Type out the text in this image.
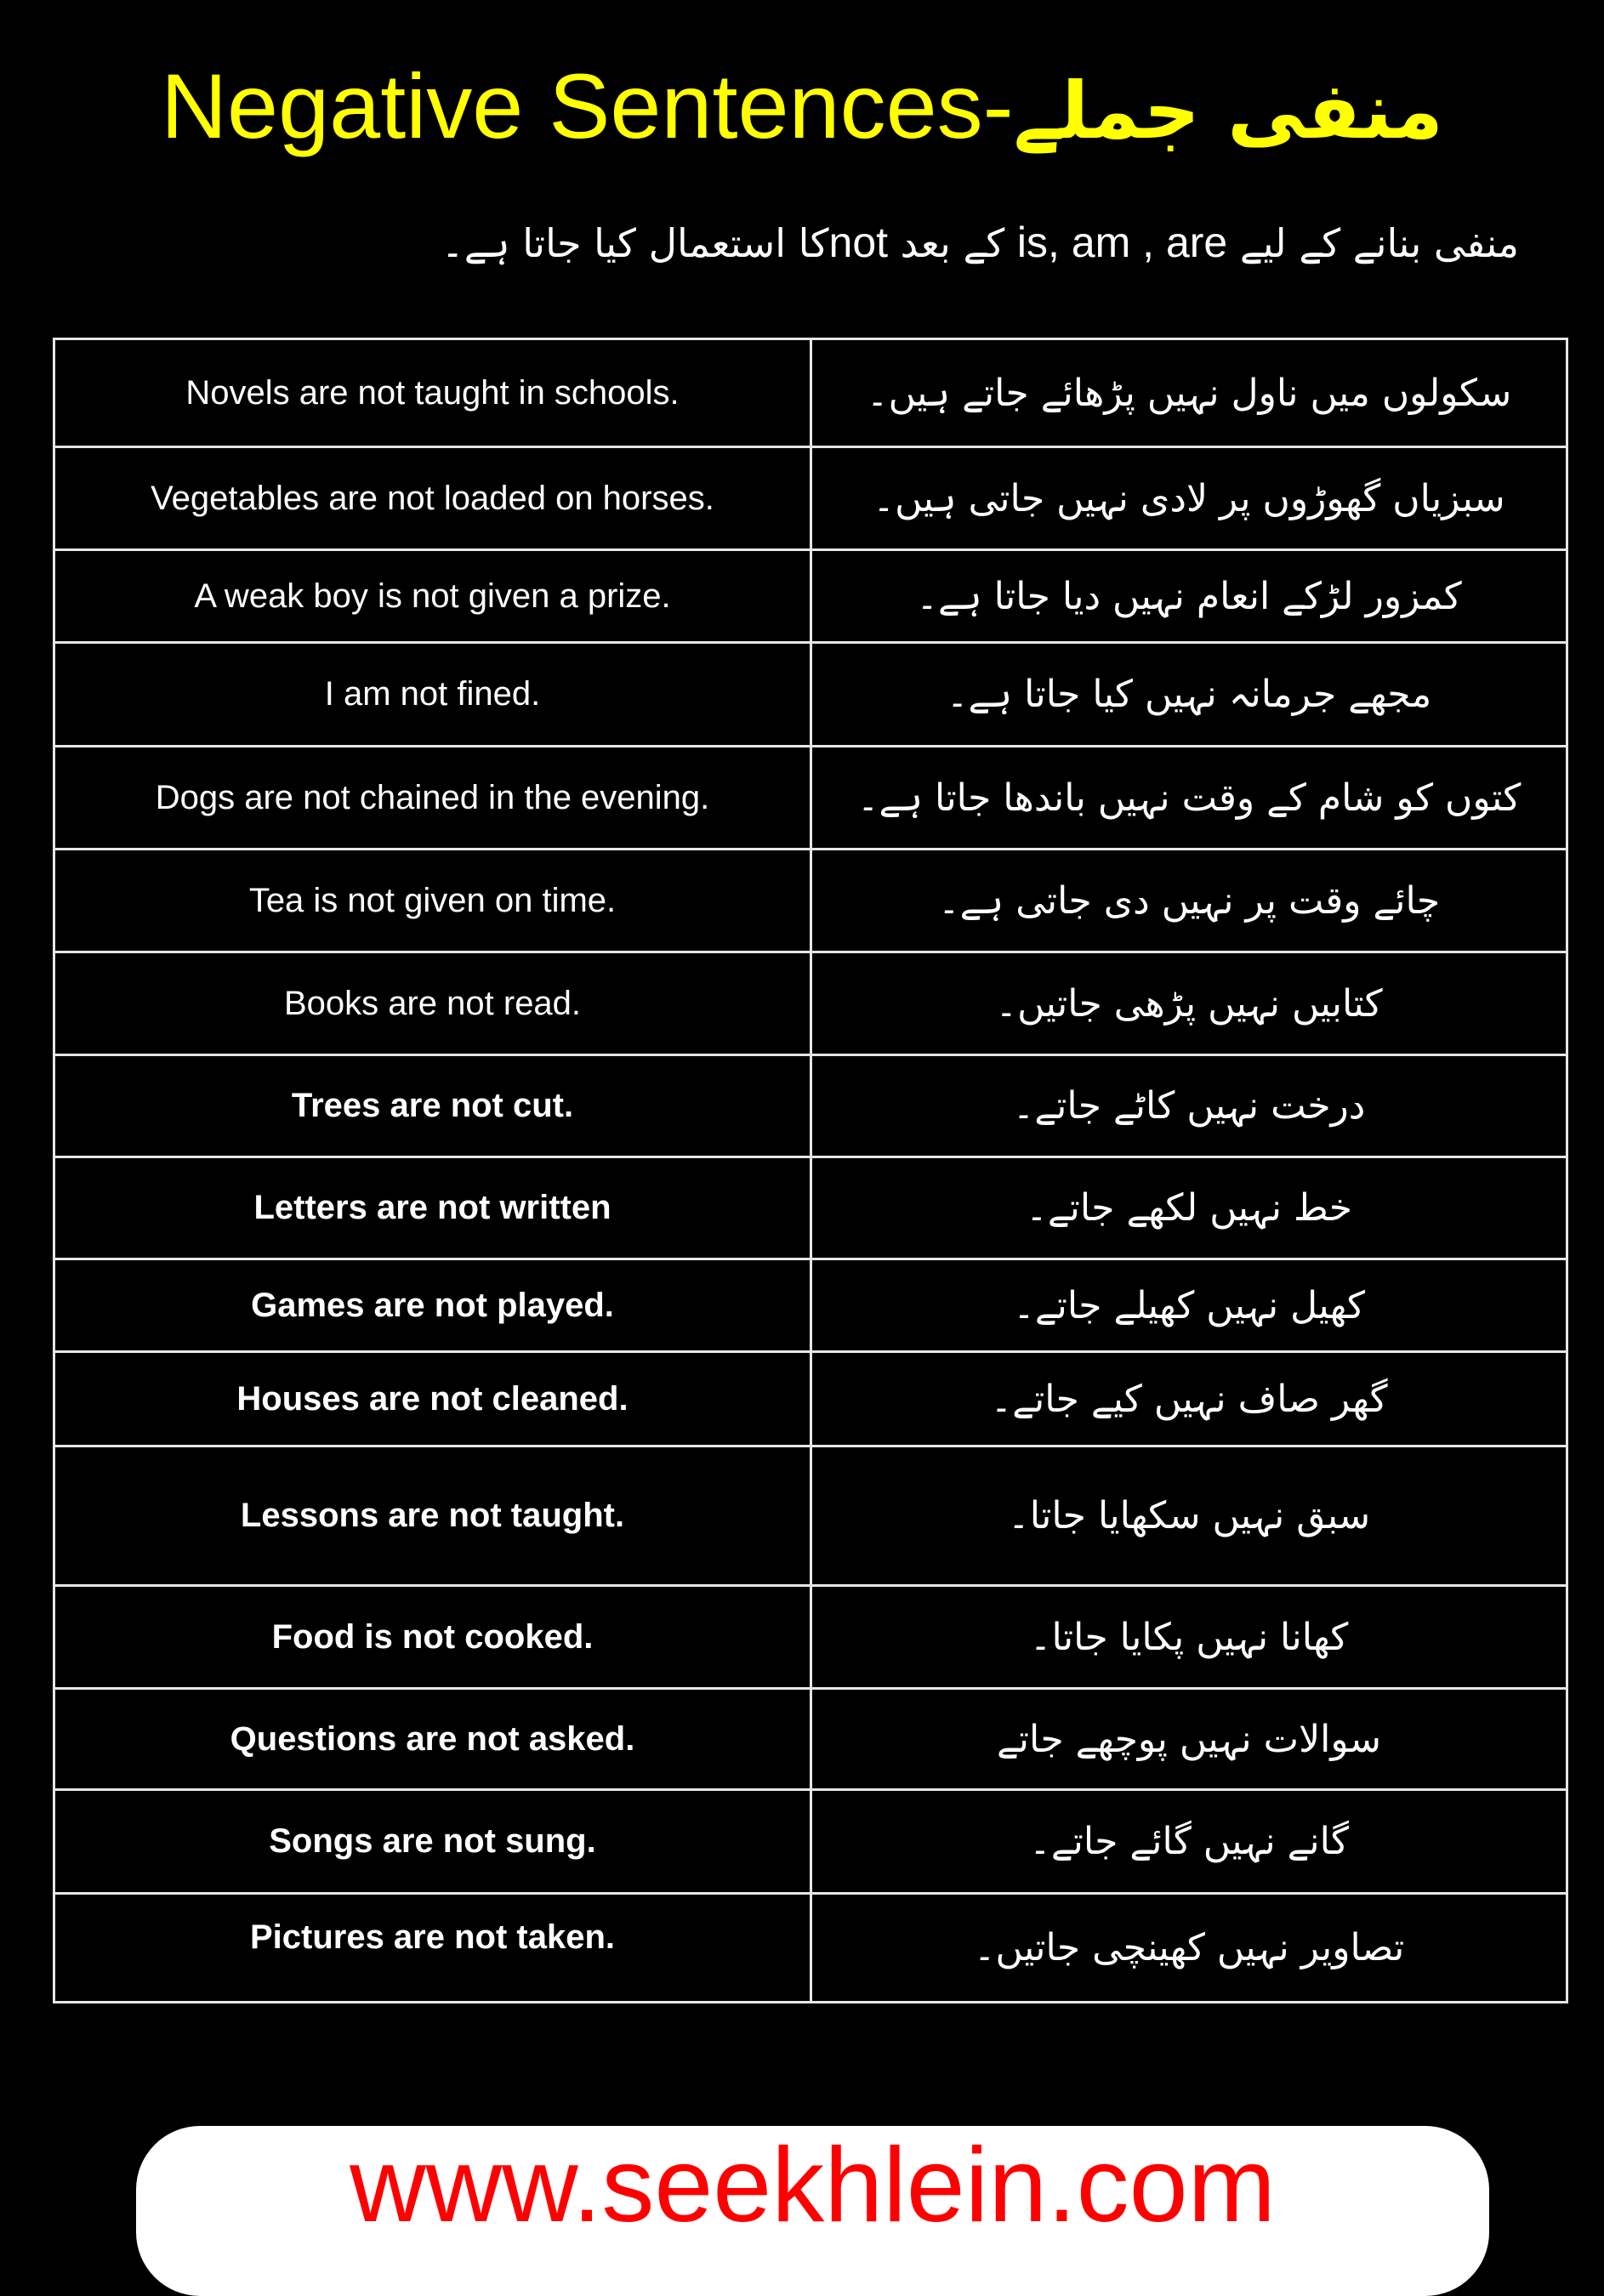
Negative Sentences-منفی جملے
منفی بنانے کے لیے is, am , are کے بعد notکا استعمال کیا جاتا ہے۔
Novels are not taught in schools.	سکولوں میں ناول نہیں پڑھائے جاتے ہیں۔
Vegetables are not loaded on horses.	سبزیاں گھوڑوں پر لادی نہیں جاتی ہیں۔
A weak boy is not given a prize.	کمزور لڑکے انعام نہیں دیا جاتا ہے۔
I am not fined.	مجھے جرمانہ نہیں کیا جاتا ہے۔
Dogs are not chained in the evening.	کتوں کو شام کے وقت نہیں باندھا جاتا ہے۔
Tea is not given on time.	چائے وقت پر نہیں دی جاتی ہے۔
Books are not read.	کتابیں نہیں پڑھی جاتیں۔
Trees are not cut.	درخت نہیں کاٹے جاتے۔
Letters are not written	خط نہیں لکھے جاتے۔
Games are not played.	کھیل نہیں کھیلے جاتے۔
Houses are not cleaned.	گھر صاف نہیں کیے جاتے۔
Lessons are not taught.	سبق نہیں سکھایا جاتا۔
Food is not cooked.	کھانا نہیں پکایا جاتا۔
Questions are not asked.	سوالات نہیں پوچھے جاتے
Songs are not sung.	گانے نہیں گائے جاتے۔
Pictures are not taken.	تصاویر نہیں کھینچی جاتیں۔
www.seekhlein.com
